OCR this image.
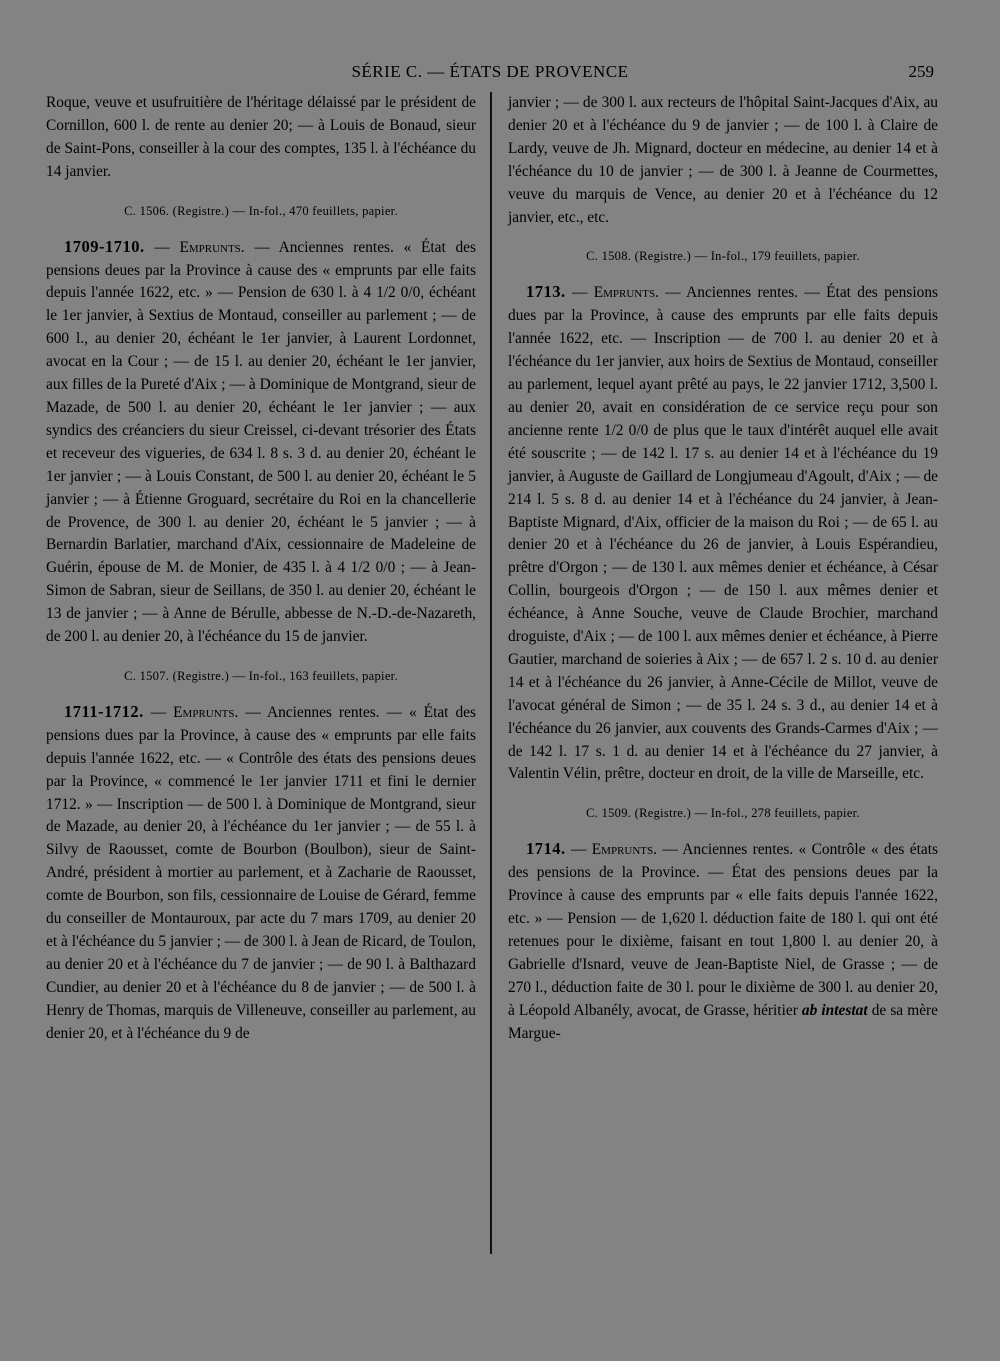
SÉRIE C. — ÉTATS DE PROVENCE	259

Roque, veuve et usufruitière de l'héritage délaissé par le président de Cornillon, 600 l. de rente au denier 20; — à Louis de Bonaud, sieur de Saint-Pons, conseiller à la cour des comptes, 135 l. à l'échéance du 14 janvier.

C. 1506. (Registre.) — In-fol., 470 feuillets, papier.

1709-1710. — Emprunts. — Anciennes rentes. « État des pensions deues par la Province à cause des « emprunts par elle faits depuis l'année 1622, etc. » — Pension de 630 l. à 4 1/2 0/0, échéant le 1er janvier, à Sextius de Montaud, conseiller au parlement ; — de 600 l., au denier 20, échéant le 1er janvier, à Laurent Lordonnet, avocat en la Cour ; — de 15 l. au denier 20, échéant le 1er janvier, aux filles de la Pureté d'Aix ; — à Dominique de Montgrand, sieur de Mazade, de 500 l. au denier 20, échéant le 1er janvier ; — aux syndics des créanciers du sieur Creissel, ci-devant trésorier des États et receveur des vigueries, de 634 l. 8 s. 3 d. au denier 20, échéant le 1er janvier ; — à Louis Constant, de 500 l. au denier 20, échéant le 5 janvier ; — à Étienne Groguard, secrétaire du Roi en la chancellerie de Provence, de 300 l. au denier 20, échéant le 5 janvier ; — à Bernardin Barlatier, marchand d'Aix, cessionnaire de Madeleine de Guérin, épouse de M. de Monier, de 435 l. à 4 1/2 0/0 ; — à Jean-Simon de Sabran, sieur de Seillans, de 350 l. au denier 20, échéant le 13 de janvier ; — à Anne de Bérulle, abbesse de N.-D.-de-Nazareth, de 200 l. au denier 20, à l'échéance du 15 de janvier.

C. 1507. (Registre.) — In-fol., 163 feuillets, papier.

1711-1712. — Emprunts. — Anciennes rentes. — « État des pensions dues par la Province, à cause des « emprunts par elle faits depuis l'année 1622, etc. — « Contrôle des états des pensions deues par la Province, « commencé le 1er janvier 1711 et fini le dernier 1712. » — Inscription — de 500 l. à Dominique de Montgrand, sieur de Mazade, au denier 20, à l'échéance du 1er janvier ; — de 55 l. à Silvy de Raousset, comte de Bourbon (Boulbon), sieur de Saint-André, président à mortier au parlement, et à Zacharie de Raousset, comte de Bourbon, son fils, cessionnaire de Louise de Gérard, femme du conseiller de Montauroux, par acte du 7 mars 1709, au denier 20 et à l'échéance du 5 janvier ; — de 300 l. à Jean de Ricard, de Toulon, au denier 20 et à l'échéance du 7 de janvier ; — de 90 l. à Balthazard Cundier, au denier 20 et à l'échéance du 8 de janvier ; — de 500 l. à Henry de Thomas, marquis de Villeneuve, conseiller au parlement, au denier 20, et à l'échéance du 9 de

janvier ; — de 300 l. aux recteurs de l'hôpital Saint-Jacques d'Aix, au denier 20 et à l'échéance du 9 de janvier ; — de 100 l. à Claire de Lardy, veuve de Jh. Mignard, docteur en médecine, au denier 14 et à l'échéance du 10 de janvier ; — de 300 l. à Jeanne de Courmettes, veuve du marquis de Vence, au denier 20 et à l'échéance du 12 janvier, etc., etc.

C. 1508. (Registre.) — In-fol., 179 feuillets, papier.

1713. — Emprunts. — Anciennes rentes. — État des pensions dues par la Province, à cause des emprunts par elle faits depuis l'année 1622, etc. — Inscription — de 700 l. au denier 20 et à l'échéance du 1er janvier, aux hoirs de Sextius de Montaud, conseiller au parlement, lequel ayant prêté au pays, le 22 janvier 1712, 3,500 l. au denier 20, avait en considération de ce service reçu pour son ancienne rente 1/2 0/0 de plus que le taux d'intérêt auquel elle avait été souscrite ; — de 142 l. 17 s. au denier 14 et à l'échéance du 19 janvier, à Auguste de Gaillard de Longjumeau d'Agoult, d'Aix ; — de 214 l. 5 s. 8 d. au denier 14 et à l'échéance du 24 janvier, à Jean-Baptiste Mignard, d'Aix, officier de la maison du Roi ; — de 65 l. au denier 20 et à l'échéance du 26 de janvier, à Louis Espérandieu, prêtre d'Orgon ; — de 130 l. aux mêmes denier et échéance, à César Collin, bourgeois d'Orgon ; — de 150 l. aux mêmes denier et échéance, à Anne Souche, veuve de Claude Brochier, marchand droguiste, d'Aix ; — de 100 l. aux mêmes denier et échéance, à Pierre Gautier, marchand de soieries à Aix ; — de 657 l. 2 s. 10 d. au denier 14 et à l'échéance du 26 janvier, à Anne-Cécile de Millot, veuve de l'avocat général de Simon ; — de 35 l. 24 s. 3 d., au denier 14 et à l'échéance du 26 janvier, aux couvents des Grands-Carmes d'Aix ; — de 142 l. 17 s. 1 d. au denier 14 et à l'échéance du 27 janvier, à Valentin Vélin, prêtre, docteur en droit, de la ville de Marseille, etc.

C. 1509. (Registre.) — In-fol., 278 feuillets, papier.

1714. — Emprunts. — Anciennes rentes. « Contrôle « des états des pensions de la Province. — État des pensions deues par la Province à cause des emprunts par « elle faits depuis l'année 1622, etc. » — Pension — de 1,620 l. déduction faite de 180 l. qui ont été retenues pour le dixième, faisant en tout 1,800 l. au denier 20, à Gabrielle d'Isnard, veuve de Jean-Baptiste Niel, de Grasse ; — de 270 l., déduction faite de 30 l. pour le dixième de 300 l. au denier 20, à Léopold Albanély, avocat, de Grasse, héritier ab intestat de sa mère Margue-
